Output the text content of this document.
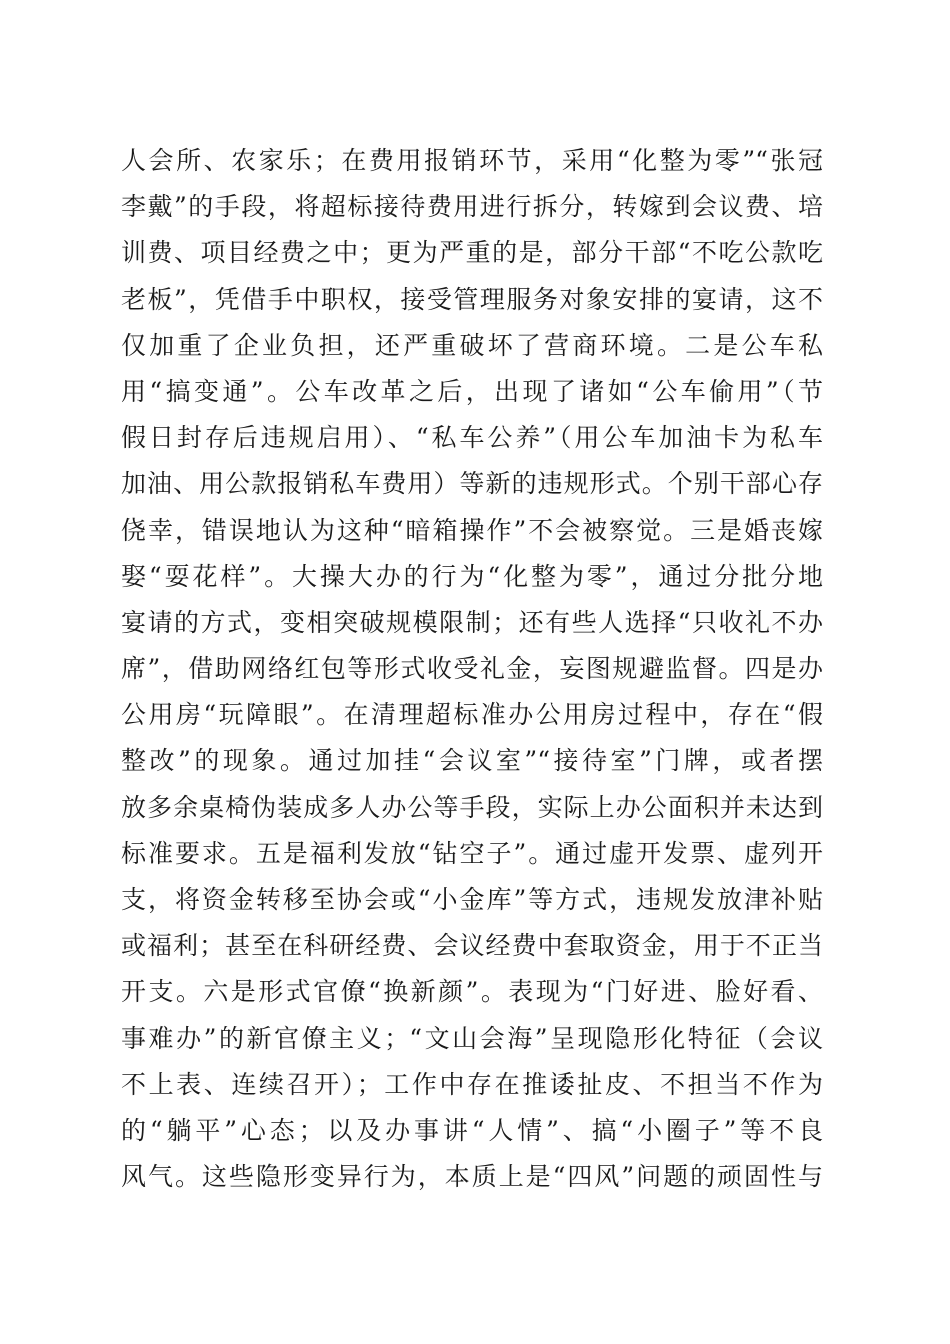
人会所、农家乐；在费用报销环节，采用“化整为零”“张冠
李戴”的手段，将超标接待费用进行拆分，转嫁到会议费、培
训费、项目经费之中；更为严重的是，部分干部“不吃公款吃
老板”，凭借手中职权，接受管理服务对象安排的宴请，这不
仅加重了企业负担，还严重破坏了营商环境。二是公车私
用“搞变通”。公车改革之后，出现了诸如“公车偷用”（节
假日封存后违规启用）、“私车公养”（用公车加油卡为私车
加油、用公款报销私车费用）等新的违规形式。个别干部心存
侥幸，错误地认为这种“暗箱操作”不会被察觉。三是婚丧嫁
娶“耍花样”。大操大办的行为“化整为零”，通过分批分地
宴请的方式，变相突破规模限制；还有些人选择“只收礼不办
席”，借助网络红包等形式收受礼金，妄图规避监督。四是办
公用房“玩障眼”。在清理超标准办公用房过程中，存在“假
整改”的现象。通过加挂“会议室”“接待室”门牌，或者摆
放多余桌椅伪装成多人办公等手段，实际上办公面积并未达到
标准要求。五是福利发放“钻空子”。通过虚开发票、虚列开
支，将资金转移至协会或“小金库”等方式，违规发放津补贴
或福利；甚至在科研经费、会议经费中套取资金，用于不正当
开支。六是形式官僚“换新颜”。表现为“门好进、脸好看、
事难办”的新官僚主义；“文山会海”呈现隐形化特征（会议
不上表、连续召开）；工作中存在推诿扯皮、不担当不作为
的“躺平”心态；以及办事讲“人情”、搞“小圈子”等不良
风气。这些隐形变异行为，本质上是“四风”问题的顽固性与
